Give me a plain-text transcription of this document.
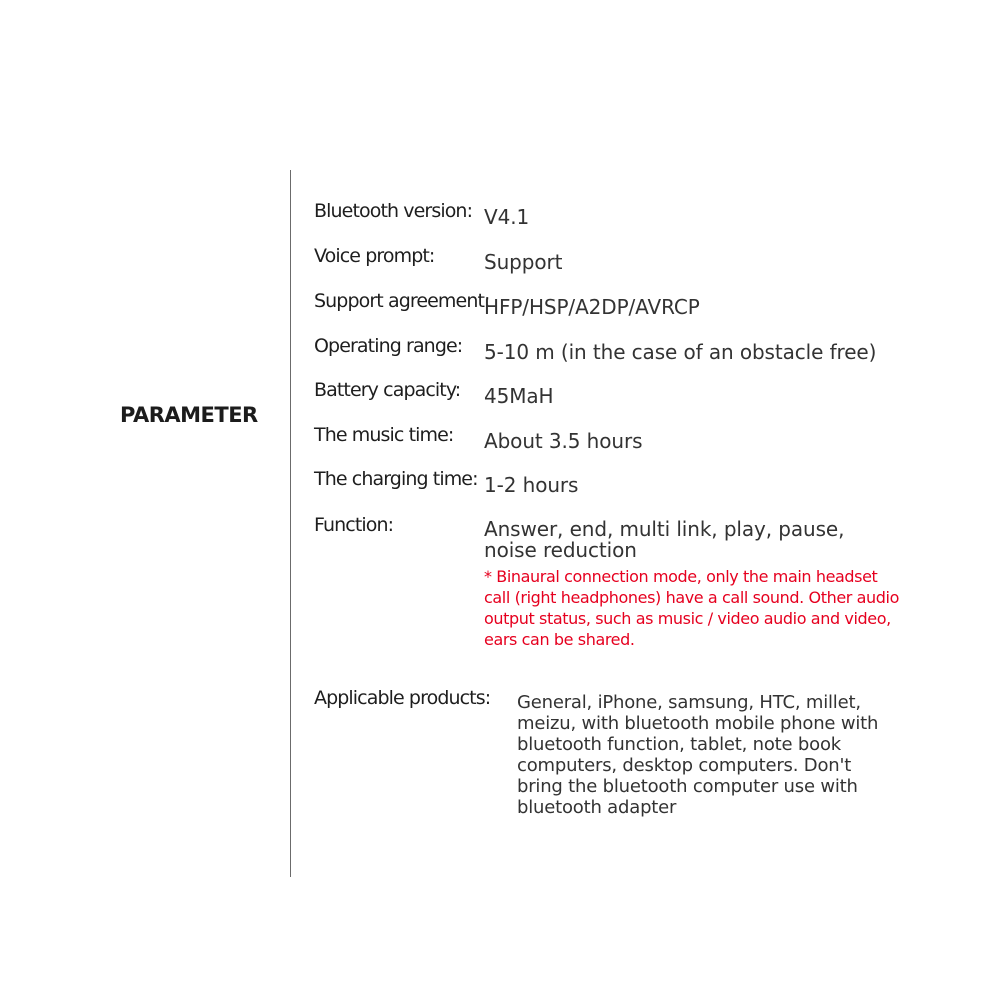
PARAMETER
Bluetooth version: V4.1
Voice prompt: Support
Support agreement:
HFP/HSP/A2DP/AVRCP
Operating range: 5-10 m (in the case of an obstacle free)
Battery capacity: 45MaH
The music time: About 3.5 hours
The charging time: 1-2 hours
Function:	Answer, end, multi link, play, pause, noise reduction
* Binaural connection mode, only the main headset call (right headphones) have a call sound. Other audio output status, such as music / video audio and video, ears can be shared.
Applicable products: General, iPhone, samsung, HTC, millet, meizu, with bluetooth mobile phone with bluetooth function, tablet, note book computers, desktop computers. Don't bring the bluetooth computer use with bluetooth adapter
